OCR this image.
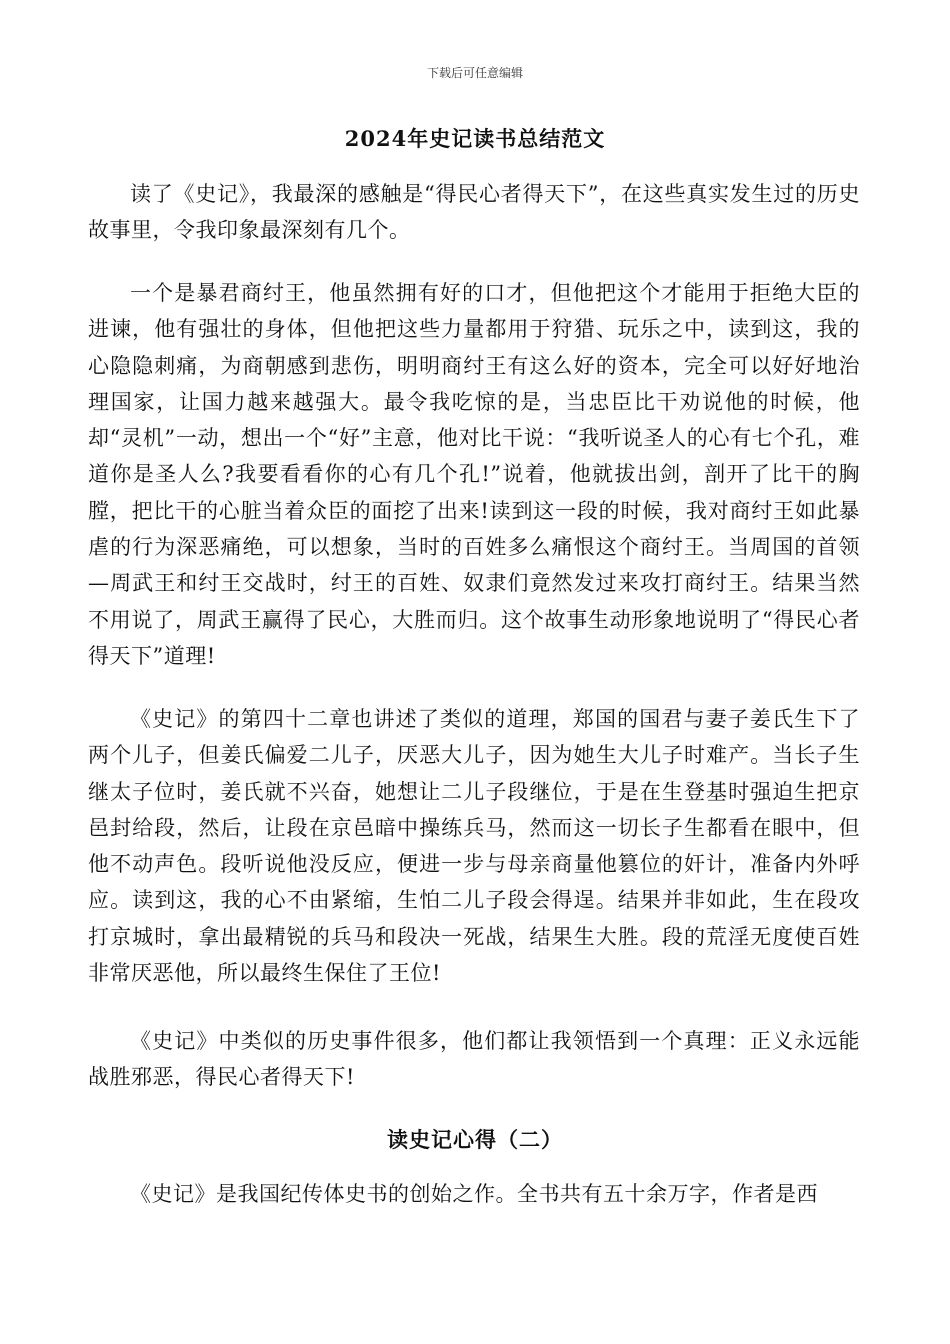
下载后可任意编辑
2024年史记读书总结范文

读了《史记》，我最深的感触是“得民心者得天下”，在这些真实发生过的历史故事里，令我印象最深刻有几个。

一个是暴君商纣王，他虽然拥有好的口才，但他把这个才能用于拒绝大臣的进谏，他有强壮的身体，但他把这些力量都用于狩猎、玩乐之中，读到这，我的心隐隐刺痛，为商朝感到悲伤，明明商纣王有这么好的资本，完全可以好好地治理国家，让国力越来越强大。最令我吃惊的是，当忠臣比干劝说他的时候，他却“灵机”一动，想出一个“好”主意，他对比干说：“我听说圣人的心有七个孔，难道你是圣人么?我要看看你的心有几个孔!”说着，他就拔出剑，剖开了比干的胸膛，把比干的心脏当着众臣的面挖了出来!读到这一段的时候，我对商纣王如此暴虐的行为深恶痛绝，可以想象，当时的百姓多么痛恨这个商纣王。当周国的首领—周武王和纣王交战时，纣王的百姓、奴隶们竟然发过来攻打商纣王。结果当然不用说了，周武王赢得了民心，大胜而归。这个故事生动形象地说明了“得民心者得天下”道理!

《史记》的第四十二章也讲述了类似的道理，郑国的国君与妻子姜氏生下了两个儿子，但姜氏偏爱二儿子，厌恶大儿子，因为她生大儿子时难产。当长子生继太子位时，姜氏就不兴奋，她想让二儿子段继位，于是在生登基时强迫生把京邑封给段，然后，让段在京邑暗中操练兵马，然而这一切长子生都看在眼中，但他不动声色。段听说他没反应，便进一步与母亲商量他篡位的奸计，准备内外呼应。读到这，我的心不由紧缩，生怕二儿子段会得逞。结果并非如此，生在段攻打京城时，拿出最精锐的兵马和段决一死战，结果生大胜。段的荒淫无度使百姓非常厌恶他，所以最终生保住了王位!

《史记》中类似的历史事件很多，他们都让我领悟到一个真理：正义永远能战胜邪恶，得民心者得天下!

读史记心得（二）

《史记》是我国纪传体史书的创始之作。全书共有五十余万字，作者是西
